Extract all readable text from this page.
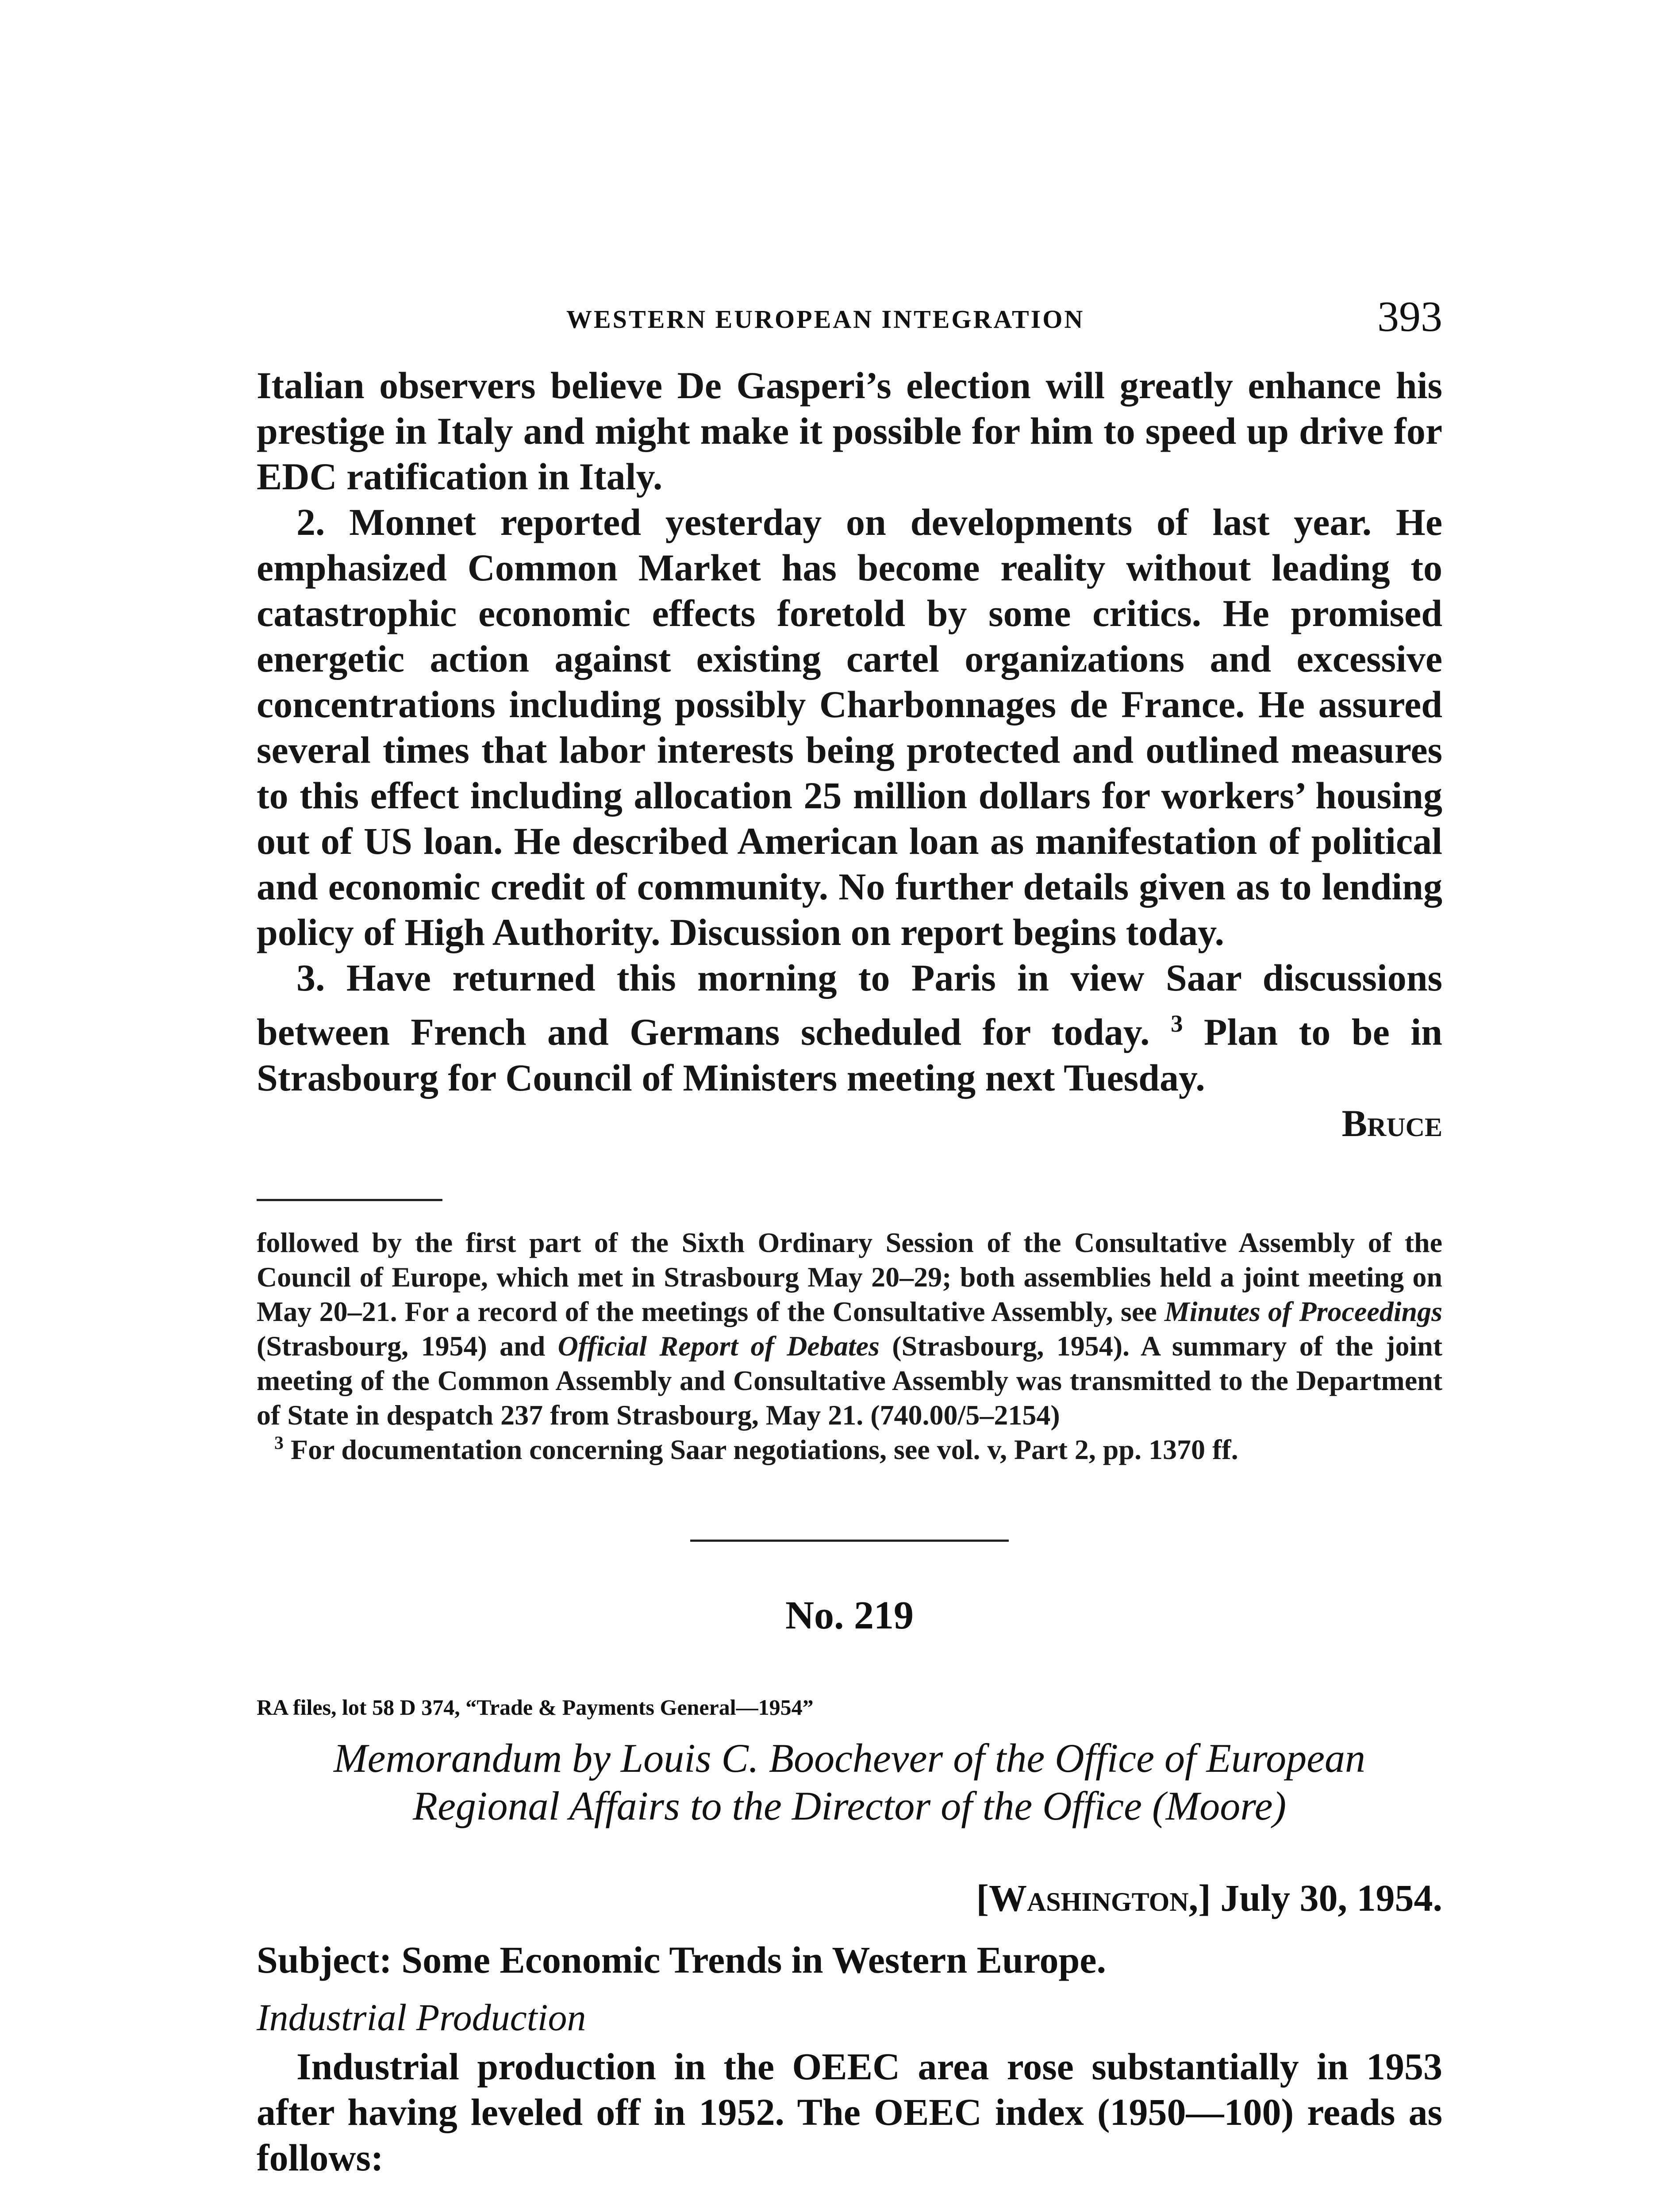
WESTERN EUROPEAN INTEGRATION	393

Italian observers believe De Gasperi’s election will greatly enhance his prestige in Italy and might make it possible for him to speed up drive for EDC ratification in Italy.

2. Monnet reported yesterday on developments of last year. He emphasized Common Market has become reality without leading to catastrophic economic effects foretold by some critics. He promised energetic action against existing cartel organizations and excessive concentrations including possibly Charbonnages de France. He assured several times that labor interests being protected and outlined measures to this effect including allocation 25 million dollars for workers’ housing out of US loan. He described American loan as manifestation of political and economic credit of community. No further details given as to lending policy of High Authority. Discussion on report begins today.

3. Have returned this morning to Paris in view Saar discussions between French and Germans scheduled for today. $^3$ Plan to be in Strasbourg for Council of Ministers meeting next Tuesday.

Bruce

followed by the first part of the Sixth Ordinary Session of the Consultative Assembly of the Council of Europe, which met in Strasbourg May 20–29; both assemblies held a joint meeting on May 20–21. For a record of the meetings of the Consultative Assembly, see Minutes of Proceedings (Strasbourg, 1954) and Official Report of Debates (Strasbourg, 1954). A summary of the joint meeting of the Common Assembly and Consultative Assembly was transmitted to the Department of State in despatch 237 from Strasbourg, May 21. (740.00/5–2154)

$^3$ For documentation concerning Saar negotiations, see vol. v, Part 2, pp. 1370 ff.

No. 219
RA files, lot 58 D 374, “Trade & Payments General—1954”
Memorandum by Louis C. Boochever of the Office of European
Regional Affairs to the Director of the Office (Moore)
[Washington,] July 30, 1954.
Subject: Some Economic Trends in Western Europe.
Industrial Production

Industrial production in the OEEC area rose substantially in 1953 after having leveled off in 1952. The OEEC index (1950—100) reads as follows:
